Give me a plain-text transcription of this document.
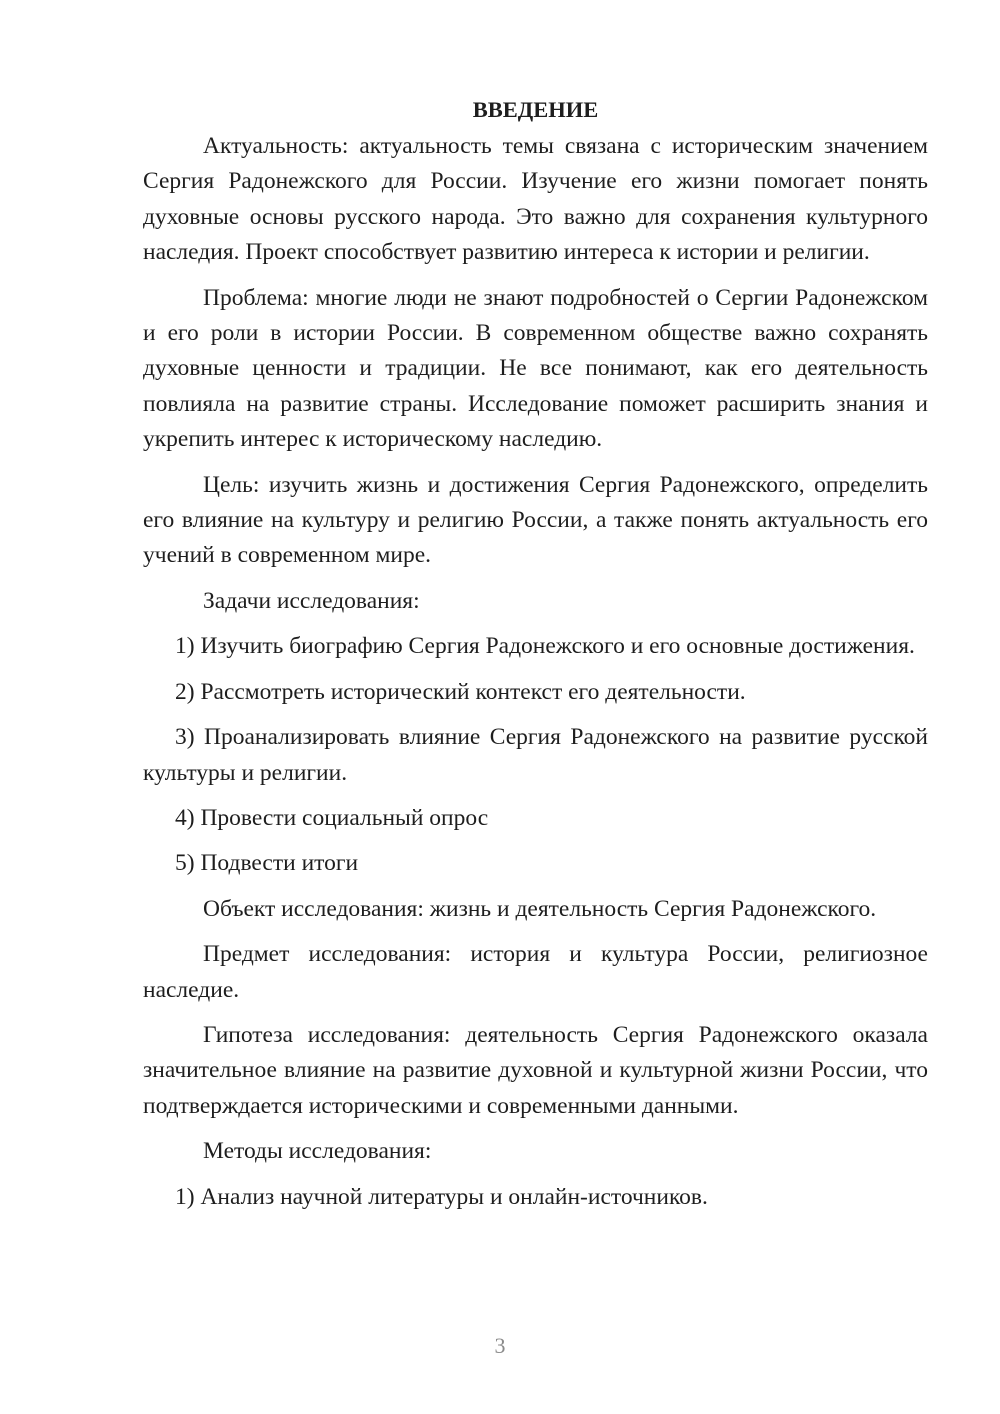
ВВЕДЕНИЕ
Актуальность: актуальность темы связана с историческим значением Сергия Радонежского для России. Изучение его жизни помогает понять духовные основы русского народа. Это важно для сохранения культурного наследия. Проект способствует развитию интереса к истории и религии.
Проблема: многие люди не знают подробностей о Сергии Радонежском и его роли в истории России. В современном обществе важно сохранять духовные ценности и традиции. Не все понимают, как его деятельность повлияла на развитие страны. Исследование поможет расширить знания и укрепить интерес к историческому наследию.
Цель: изучить жизнь и достижения Сергия Радонежского, определить его влияние на культуру и религию России, а также понять актуальность его учений в современном мире.
Задачи исследования:
1) Изучить биографию Сергия Радонежского и его основные достижения.
2) Рассмотреть исторический контекст его деятельности.
3) Проанализировать влияние Сергия Радонежского на развитие русской культуры и религии.
4) Провести социальный опрос
5) Подвести итоги
Объект исследования: жизнь и деятельность Сергия Радонежского.
Предмет исследования: история и культура России, религиозное наследие.
Гипотеза исследования: деятельность Сергия Радонежского оказала значительное влияние на развитие духовной и культурной жизни России, что подтверждается историческими и современными данными.
Методы исследования:
1) Анализ научной литературы и онлайн-источников.
3
